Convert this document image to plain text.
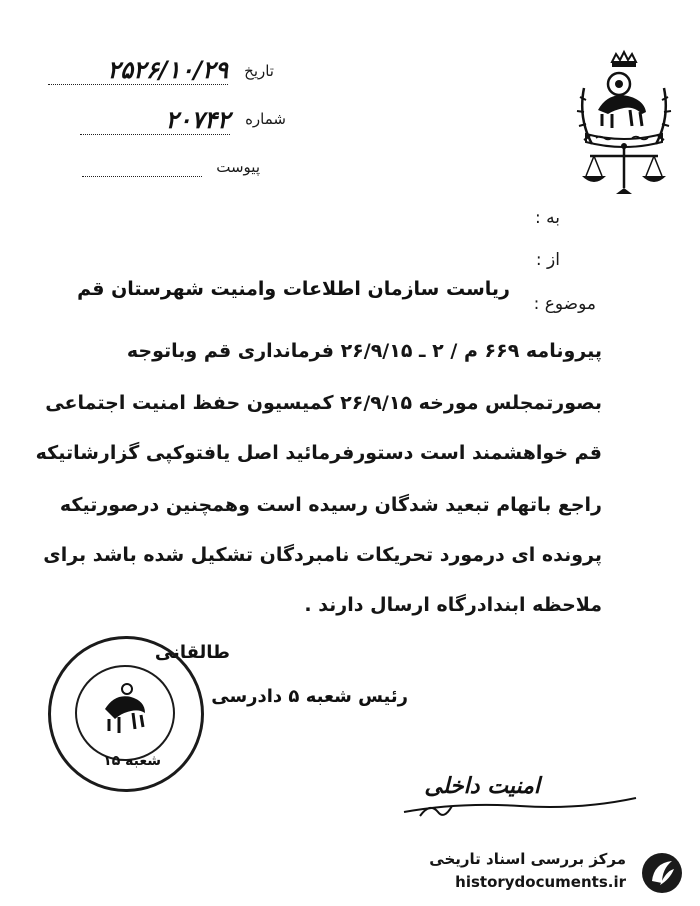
تاریخ
۲۵۲۶/۱۰/۲۹
شماره
۲۰۷۴۲
پیوست
به :
از :
موضوع :
ریاست سازمان اطلاعات وامنیت شهرستان قم
پیرونامه ۶۶۹ م / ۲ ـ ۲۶/۹/۱۵ فرمانداری قم وباتوجه
بصورتمجلس مورخه ۲۶/۹/۱۵ کمیسیون حفظ امنیت اجتماعی
قم خواهشمند است دستورفرمائید اصل یافتوکپی گزارشاتیکه
راجع باتهام تبعید شدگان رسیده است وهمچنین درصورتیکه
پرونده ای درمورد تحریکات نامبردگان تشکیل شده باشد برای
ملاحظه ابندادرگاه ارسال دارند .
طالقانی
رئیس شعبه ۵ دادرسی
شعبه ۱۵
امنیت داخلی
مرکز بررسی اسناد تاریخی
historydocuments.ir
